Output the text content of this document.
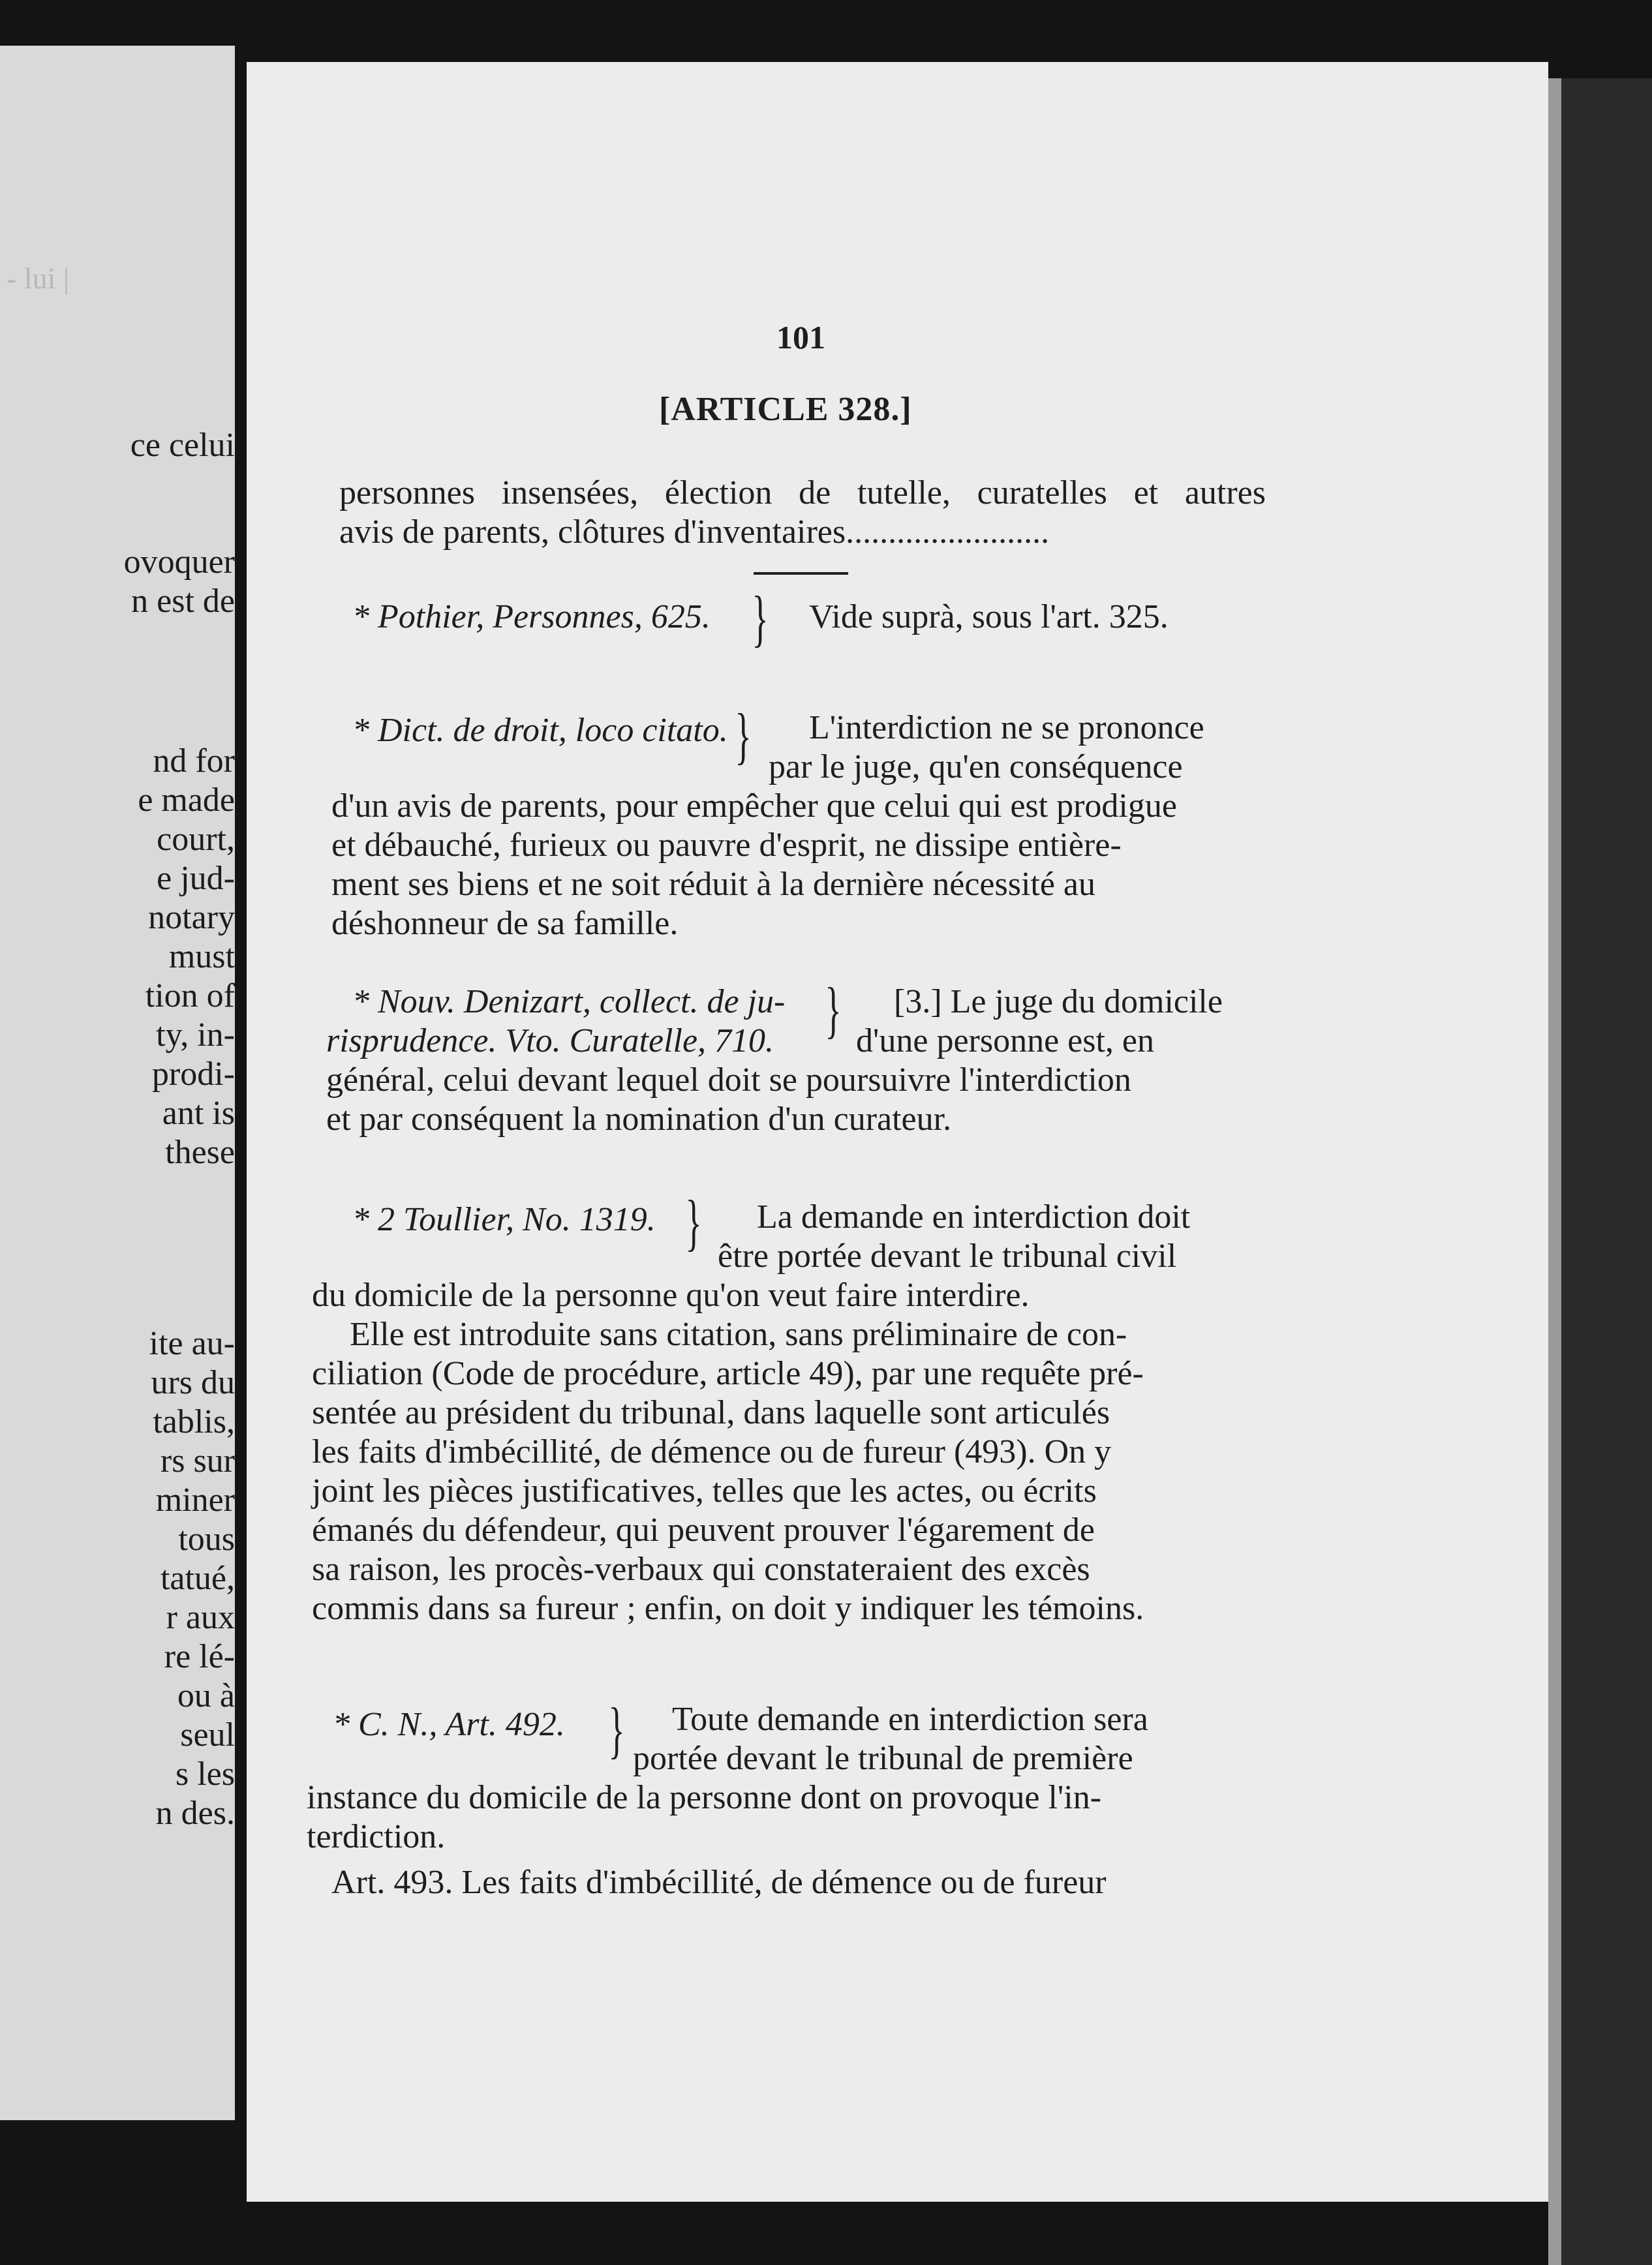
- lui |
ce celui
ovoquer
n est de
nd for
e made
court,
e jud-
notary
must
tion of
ty, in-
prodi-
ant is
these
ite au-
urs du
tablis,
rs sur
miner
tous
tatué,
r aux
re lé-
ou à
seul
s les
n des.
101
[ARTICLE 328.]
personnes insensées, élection de tutelle, curatelles et autres
avis de parents, clôtures d'inventaires........................
* Pothier, Personnes, 625. } Vide suprà, sous l'art. 325.
* Dict. de droit, loco citato. } L'interdiction ne se prononce
par le juge, qu'en conséquence
d'un avis de parents, pour empêcher que celui qui est prodigue
et débauché, furieux ou pauvre d'esprit, ne dissipe entière-
ment ses biens et ne soit réduit à la dernière nécessité au
déshonneur de sa famille.
* Nouv. Denizart, collect. de ju-
risprudence. Vto. Curatelle, 710. } [3.] Le juge du domicile
d'une personne est, en
général, celui devant lequel doit se poursuivre l'interdiction
et par conséquent la nomination d'un curateur.
* 2 Toullier, No. 1319. } La demande en interdiction doit
être portée devant le tribunal civil
du domicile de la personne qu'on veut faire interdire.
Elle est introduite sans citation, sans préliminaire de con-
ciliation (Code de procédure, article 49), par une requête pré-
sentée au président du tribunal, dans laquelle sont articulés
les faits d'imbécillité, de démence ou de fureur (493). On y
joint les pièces justificatives, telles que les actes, ou écrits
émanés du défendeur, qui peuvent prouver l'égarement de
sa raison, les procès-verbaux qui constateraient des excès
commis dans sa fureur ; enfin, on doit y indiquer les témoins.
* C. N., Art. 492. } Toute demande en interdiction sera
portée devant le tribunal de première
instance du domicile de la personne dont on provoque l'in-
terdiction.
Art. 493. Les faits d'imbécillité, de démence ou de fureur
